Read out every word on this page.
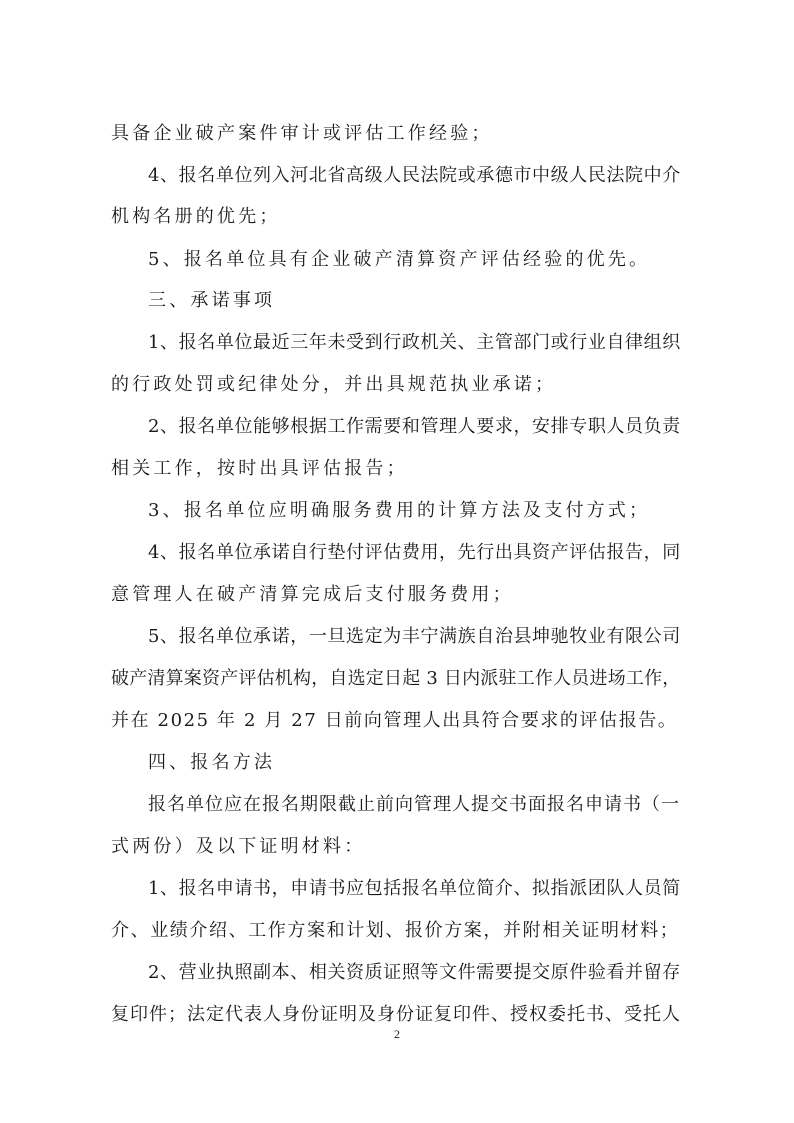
具备企业破产案件审计或评估工作经验；
4、报名单位列入河北省高级人民法院或承德市中级人民法院中介
机构名册的优先；
5、报名单位具有企业破产清算资产评估经验的优先。
三、承诺事项
1、报名单位最近三年未受到行政机关、主管部门或行业自律组织
的行政处罚或纪律处分，并出具规范执业承诺；
2、报名单位能够根据工作需要和管理人要求，安排专职人员负责
相关工作，按时出具评估报告；
3、报名单位应明确服务费用的计算方法及支付方式；
4、报名单位承诺自行垫付评估费用，先行出具资产评估报告，同
意管理人在破产清算完成后支付服务费用；
5、报名单位承诺，一旦选定为丰宁满族自治县坤驰牧业有限公司
破产清算案资产评估机构，自选定日起 3 日内派驻工作人员进场工作，
并在 2025 年 2 月 27 日前向管理人出具符合要求的评估报告。
四、报名方法
报名单位应在报名期限截止前向管理人提交书面报名申请书（一
式两份）及以下证明材料：
1、报名申请书，申请书应包括报名单位简介、拟指派团队人员简
介、业绩介绍、工作方案和计划、报价方案，并附相关证明材料；
2、营业执照副本、相关资质证照等文件需要提交原件验看并留存
复印件；法定代表人身份证明及身份证复印件、授权委托书、受托人
2
